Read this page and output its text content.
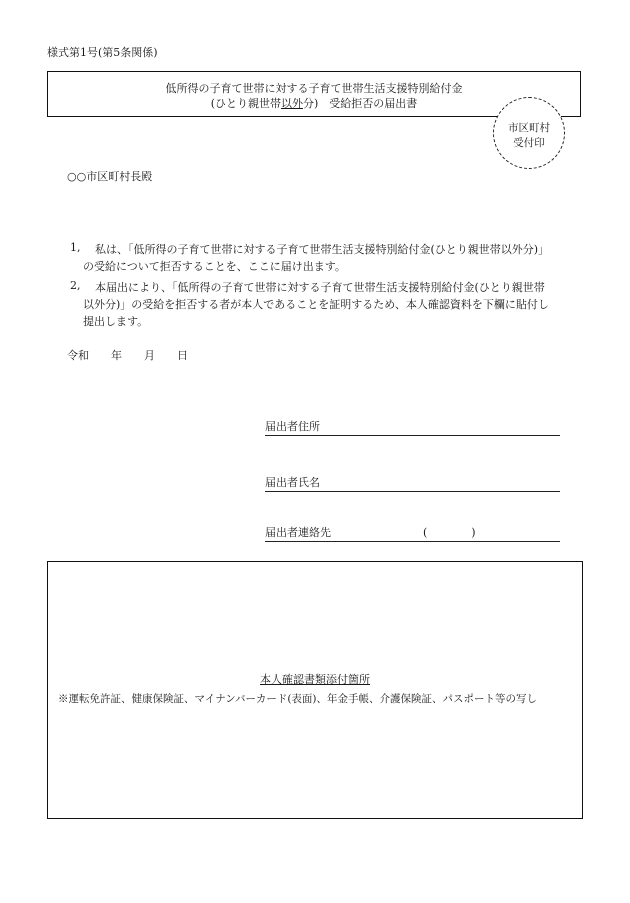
様式第1号(第5条関係)
低所得の子育て世帯に対する子育て世帯生活支援特別給付金
(ひとり親世帯以外分)　受給拒否の届出書
市区町村
受付印
○○市区町村長殿
1, 私は、「低所得の子育て世帯に対する子育て世帯生活支援特別給付金(ひとり親世帯以外分)」
の受給について拒否することを、ここに届け出ます。
2, 本届出により、「低所得の子育て世帯に対する子育て世帯生活支援特別給付金(ひとり親世帯
以外分)」の受給を拒否する者が本人であることを証明するため、本人確認資料を下欄に貼付し
提出します。
令和　　年　　月　　日
届出者住所
届出者氏名
届出者連絡先	(　　　　)
本人確認書類添付箇所
※運転免許証、健康保険証、マイナンバーカード(表面)、年金手帳、介護保険証、パスポート等の写し
